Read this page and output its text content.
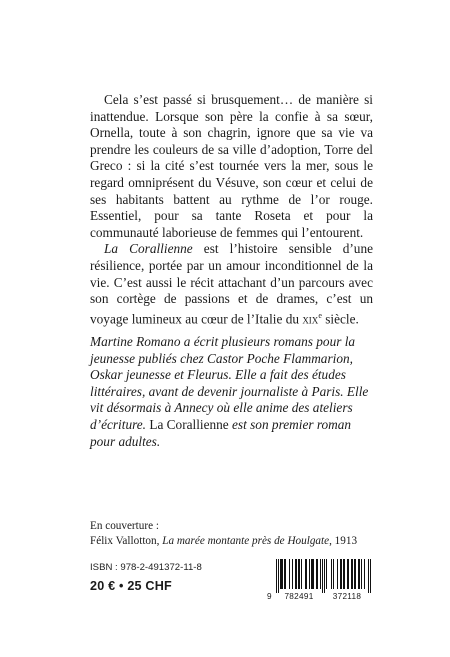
Cela s’est passé si brusquement… de manière si inattendue. Lorsque son père la confie à sa sœur, Ornella, toute à son chagrin, ignore que sa vie va prendre les couleurs de sa ville d’adoption, Torre del Greco : si la cité s’est tournée vers la mer, sous le regard omniprésent du Vésuve, son cœur et celui de ses habitants battent au rythme de l’or rouge. Essentiel, pour sa tante Roseta et pour la communauté laborieuse de femmes qui l’entourent.

La Corallienne est l’histoire sensible d’une résilience, portée par un amour inconditionnel de la vie. C’est aussi le récit attachant d’un parcours avec son cortège de passions et de drames, c’est un voyage lumineux au cœur de l’Italie du xix$^e$ siècle.

Martine Romano a écrit plusieurs romans pour la jeunesse publiés chez Castor Poche Flammarion, Oskar jeunesse et Fleurus. Elle a fait des études littéraires, avant de devenir journaliste à Paris. Elle vit désormais à Annecy où elle anime des ateliers d’écriture. La Corallienne est son premier roman pour adultes.

En couverture :

Félix Vallotton, La marée montante près de Houlgate, 1913

ISBN : 978-2-491372-11-8
20 € • 25 CHF
9 782491 372118
